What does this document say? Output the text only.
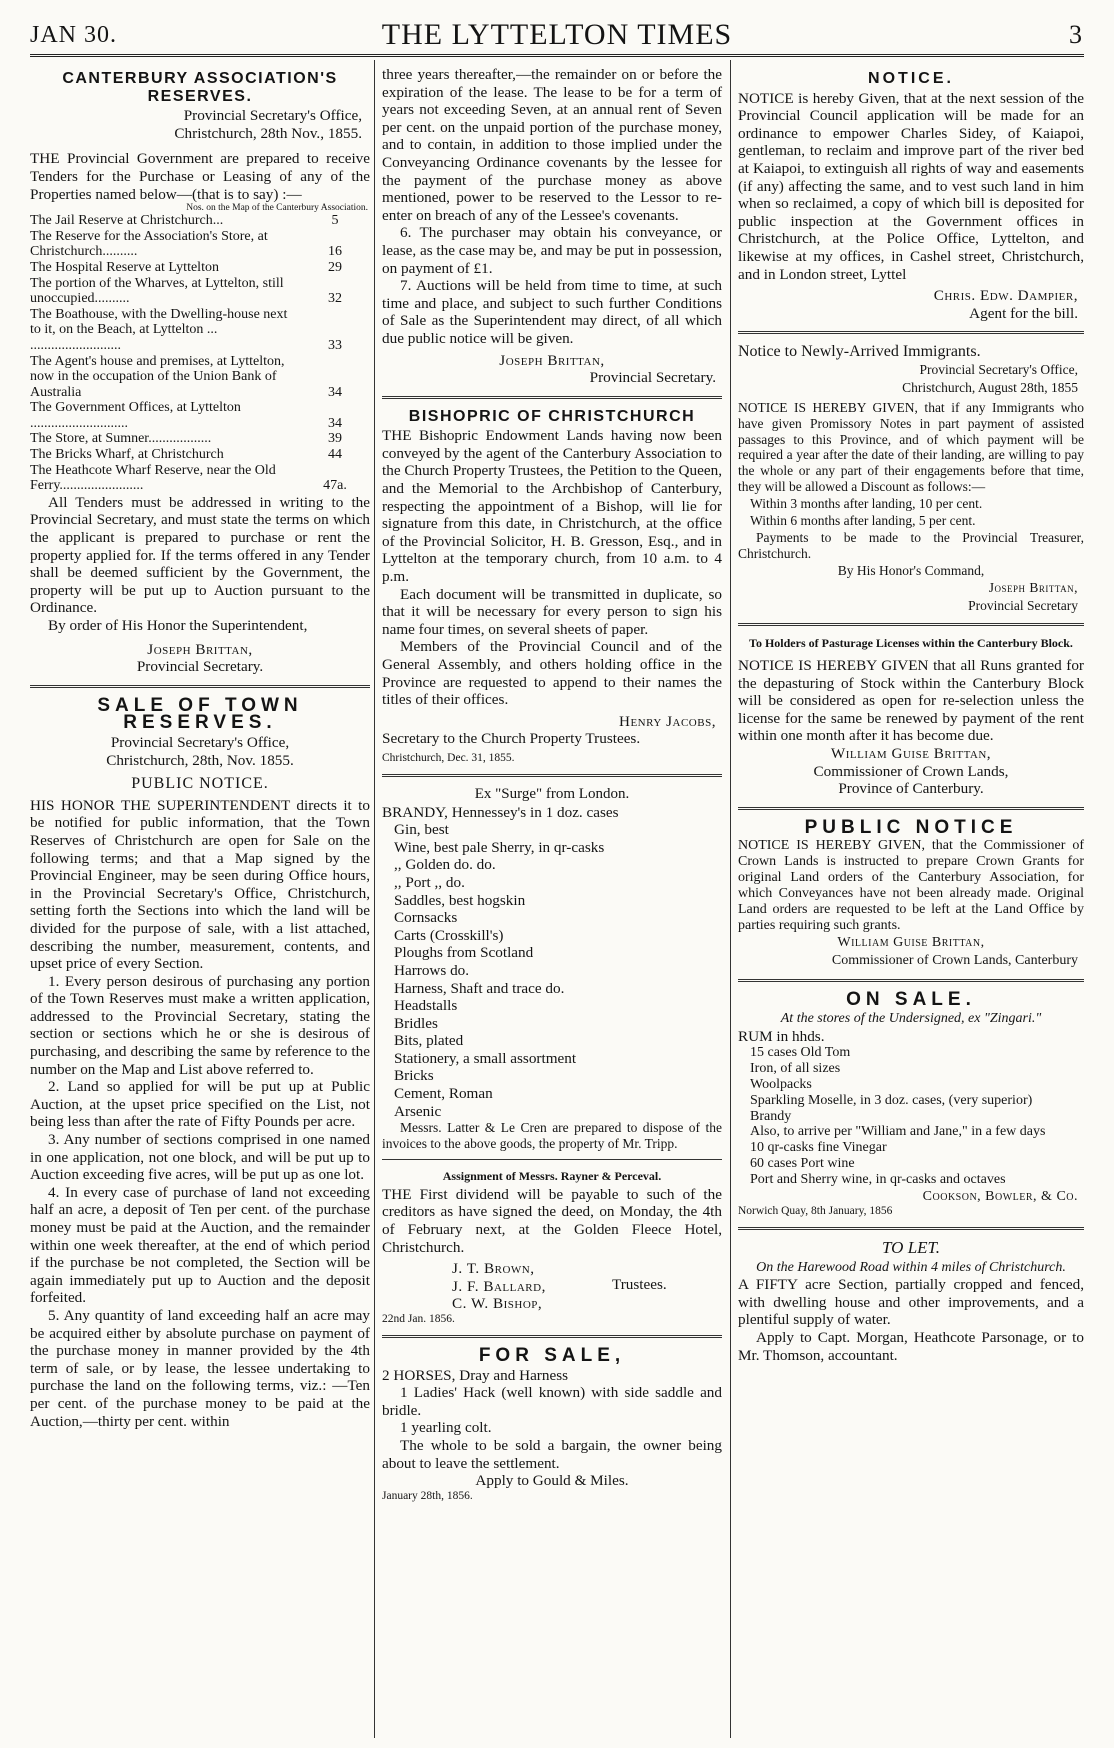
JAN 30.	THE LYTTELTON TIMES	3
CANTERBURY ASSOCIATION'S RESERVES.
Provincial Secretary's Office,
Christchurch, 28th Nov., 1855.

THE Provincial Government are prepared to receive Tenders for the Purchase or Leasing of any of the Properties named below—(that is to say) :—

Nos. on the Map of the Canterbury Association.
The Jail Reserve at Christchurch...	5
The Reserve for the Association's Store, at Christchurch..........	16
The Hospital Reserve at Lyttelton	29
The portion of the Wharves, at Lyttelton, still unoccupied..........	32
The Boathouse, with the Dwelling-house next to it, on the Beach, at Lyttelton ... ..........................	33
The Agent's house and premises, at Lyttelton, now in the occupation of the Union Bank of Australia	34
The Government Offices, at Lyttelton ............................	34
The Store, at Sumner..................	39
The Bricks Wharf, at Christchurch	44
The Heathcote Wharf Reserve, near the Old Ferry........................	47a.

All Tenders must be addressed in writing to the Provincial Secretary, and must state the terms on which the applicant is prepared to purchase or rent the property applied for. If the terms offered in any Tender shall be deemed sufficient by the Government, the property will be put up to Auction pursuant to the Ordinance.

By order of His Honor the Superintendent,

Joseph Brittan,
Provincial Secretary.
SALE OF TOWN RESERVES.
Provincial Secretary's Office,
Christchurch, 28th, Nov. 1855.
PUBLIC NOTICE.

HIS HONOR THE SUPERINTENDENT directs it to be notified for public information, that the Town Reserves of Christchurch are open for Sale on the following terms; and that a Map signed by the Provincial Engineer, may be seen during Office hours, in the Provincial Secretary's Office, Christchurch, setting forth the Sections into which the land will be divided for the purpose of sale, with a list attached, describing the number, measurement, contents, and upset price of every Section.

1. Every person desirous of purchasing any portion of the Town Reserves must make a written application, addressed to the Provincial Secretary, stating the section or sections which he or she is desirous of purchasing, and describing the same by reference to the number on the Map and List above referred to.

2. Land so applied for will be put up at Public Auction, at the upset price specified on the List, not being less than after the rate of Fifty Pounds per acre.

3. Any number of sections comprised in one named in one application, not one block, and will be put up to Auction exceeding five acres, will be put up as one lot.

4. In every case of purchase of land not exceeding half an acre, a deposit of Ten per cent. of the purchase money must be paid at the Auction, and the remainder within one week thereafter, at the end of which period if the purchase be not completed, the Section will be again immediately put up to Auction and the deposit forfeited.

5. Any quantity of land exceeding half an acre may be acquired either by absolute purchase on payment of the purchase money in manner provided by the 4th term of sale, or by lease, the lessee undertaking to purchase the land on the following terms, viz.: —Ten per cent. of the purchase money to be paid at the Auction,—thirty per cent. within

three years thereafter,—the remainder on or before the expiration of the lease. The lease to be for a term of years not exceeding Seven, at an annual rent of Seven per cent. on the unpaid portion of the purchase money, and to contain, in addition to those implied under the Conveyancing Ordinance covenants by the lessee for the payment of the purchase money as above mentioned, power to be reserved to the Lessor to re-enter on breach of any of the Lessee's covenants.

6. The purchaser may obtain his conveyance, or lease, as the case may be, and may be put in possession, on payment of £1.

7. Auctions will be held from time to time, at such time and place, and subject to such further Conditions of Sale as the Superintendent may direct, of all which due public notice will be given.

Joseph Brittan,
Provincial Secretary.
BISHOPRIC OF CHRISTCHURCH

THE Bishopric Endowment Lands having now been conveyed by the agent of the Canterbury Association to the Church Property Trustees, the Petition to the Queen, and the Memorial to the Archbishop of Canterbury, respecting the appointment of a Bishop, will lie for signature from this date, in Christchurch, at the office of the Provincial Solicitor, H. B. Gresson, Esq., and in Lyttelton at the temporary church, from 10 a.m. to 4 p.m.

Each document will be transmitted in duplicate, so that it will be necessary for every person to sign his name four times, on several sheets of paper.

Members of the Provincial Council and of the General Assembly, and others holding office in the Province are requested to append to their names the titles of their offices.

Henry Jacobs,
Secretary to the Church Property Trustees.
Christchurch, Dec. 31, 1855.
Ex "Surge" from London.
BRANDY, Hennessey's in 1 doz. cases
Gin, best
Wine, best pale Sherry, in qr-casks
,, Golden do. do.
,, Port ,, do.
Saddles, best hogskin
Cornsacks
Carts (Crosskill's)
Ploughs from Scotland
Harrows do.
Harness, Shaft and trace do.
Headstalls
Bridles
Bits, plated
Stationery, a small assortment
Bricks
Cement, Roman
Arsenic

Messrs. Latter & Le Cren are prepared to dispose of the invoices to the above goods, the property of Mr. Tripp.

Assignment of Messrs. Rayner & Perceval.

THE First dividend will be payable to such of the creditors as have signed the deed, on Monday, the 4th of February next, at the Golden Fleece Hotel, Christchurch.

J. T. Brown,
J. F. Ballard,
C. W. Bishop,
Trustees.
22nd Jan. 1856.
FOR SALE,
2 HORSES, Dray and Harness

1 Ladies' Hack (well known) with side saddle and bridle.

1 yearling colt.

The whole to be sold a bargain, the owner being about to leave the settlement.

Apply to Gould & Miles.
January 28th, 1856.
NOTICE.

NOTICE is hereby Given, that at the next session of the Provincial Council application will be made for an ordinance to empower Charles Sidey, of Kaiapoi, gentleman, to reclaim and improve part of the river bed at Kaiapoi, to extinguish all rights of way and easements (if any) affecting the same, and to vest such land in him when so reclaimed, a copy of which bill is deposited for public inspection at the Government offices in Christchurch, at the Police Office, Lyttelton, and likewise at my offices, in Cashel street, Christchurch, and in London street, Lyttel

Chris. Edw. Dampier,
Agent for the bill.
Notice to Newly-Arrived Immigrants.
Provincial Secretary's Office,
Christchurch, August 28th, 1855

NOTICE IS HEREBY GIVEN, that if any Immigrants who have given Promissory Notes in part payment of assisted passages to this Province, and of which payment will be required a year after the date of their landing, are willing to pay the whole or any part of their engagements before that time, they will be allowed a Discount as follows:—

Within 3 months after landing, 10 per cent.
Within 6 months after landing, 5 per cent.

Payments to be made to the Provincial Treasurer, Christchurch.

By His Honor's Command,
Joseph Brittan,
Provincial Secretary
To Holders of Pasturage Licenses within the Canterbury Block.

NOTICE IS HEREBY GIVEN that all Runs granted for the depasturing of Stock within the Canterbury Block will be considered as open for re-selection unless the license for the same be renewed by payment of the rent within one month after it has become due.

William Guise Brittan,
Commissioner of Crown Lands,
Province of Canterbury.
PUBLIC NOTICE

NOTICE IS HEREBY GIVEN, that the Commissioner of Crown Lands is instructed to prepare Crown Grants for original Land orders of the Canterbury Association, for which Conveyances have not been already made. Original Land orders are requested to be left at the Land Office by parties requiring such grants.

William Guise Brittan,
Commissioner of Crown Lands, Canterbury
ON SALE.
At the stores of the Undersigned, ex "Zingari."
RUM in hhds.
15 cases Old Tom
Iron, of all sizes
Woolpacks
Sparkling Moselle, in 3 doz. cases, (very superior)
Brandy
Also, to arrive per "William and Jane," in a few days
10 qr-casks fine Vinegar
60 cases Port wine
Port and Sherry wine, in qr-casks and octaves
Cookson, Bowler, & Co.
Norwich Quay, 8th January, 1856
TO LET.
On the Harewood Road within 4 miles of Christchurch.

A FIFTY acre Section, partially cropped and fenced, with dwelling house and other improvements, and a plentiful supply of water.

Apply to Capt. Morgan, Heathcote Parsonage, or to Mr. Thomson, accountant.
